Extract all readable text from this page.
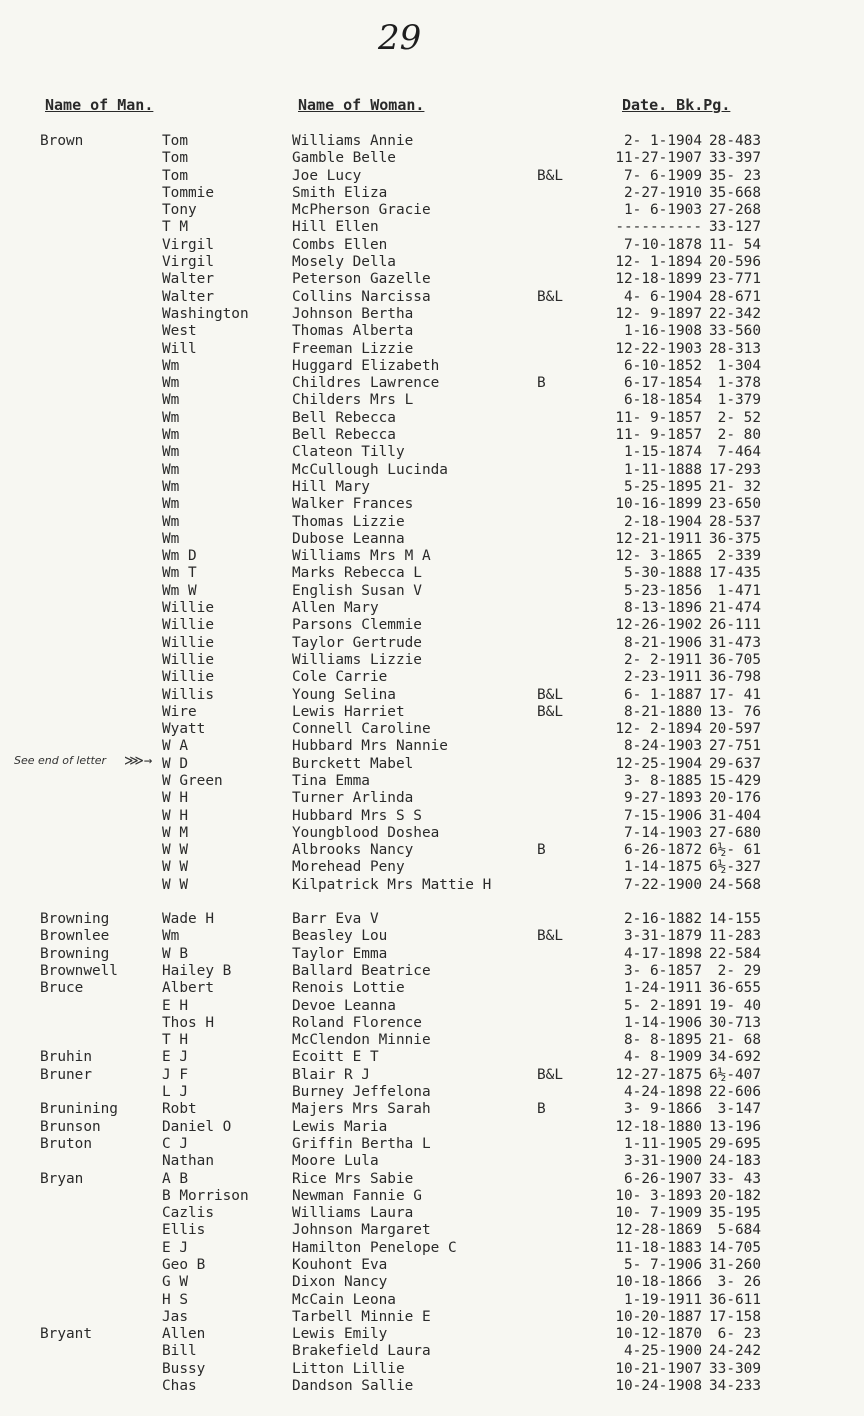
29
Name of Man.	Name of Woman.	Date. Bk.Pg.
See end of letter ⋙→
Brown	Tom	Williams Annie	2- 1-1904 28-483
Tom	Gamble Belle	11-27-1907 33-397
Tom	Joe Lucy	B&L	7- 6-1909 35- 23
Tommie	Smith Eliza	2-27-1910 35-668
Tony	McPherson Gracie	1- 6-1903 27-268
T M	Hill Ellen	---------- 33-127
Virgil	Combs Ellen	7-10-1878 11- 54
Virgil	Mosely Della	12- 1-1894 20-596
Walter	Peterson Gazelle	12-18-1899 23-771
Walter	Collins Narcissa	B&L	4- 6-1904 28-671
Washington	Johnson Bertha	12- 9-1897 22-342
West	Thomas Alberta	1-16-1908 33-560
Will	Freeman Lizzie	12-22-1903 28-313
Wm	Huggard Elizabeth	6-10-1852	1-304
Wm	Childres Lawrence	B	6-17-1854	1-378
Wm	Childers Mrs L	6-18-1854	1-379
Wm	Bell Rebecca	11- 9-1857	2- 52
Wm	Bell Rebecca	11- 9-1857	2- 80
Wm	Clateon Tilly	1-15-1874	7-464
Wm	McCullough Lucinda	1-11-1888 17-293
Wm	Hill Mary	5-25-1895 21- 32
Wm	Walker Frances	10-16-1899 23-650
Wm	Thomas Lizzie	2-18-1904 28-537
Wm	Dubose Leanna	12-21-1911 36-375
Wm D	Williams Mrs M A	12- 3-1865	2-339
Wm T	Marks Rebecca L	5-30-1888 17-435
Wm W	English Susan V	5-23-1856	1-471
Willie	Allen Mary	8-13-1896 21-474
Willie	Parsons Clemmie	12-26-1902 26-111
Willie	Taylor Gertrude	8-21-1906 31-473
Willie	Williams Lizzie	2- 2-1911 36-705
Willie	Cole Carrie	2-23-1911 36-798
Willis	Young Selina	B&L	6- 1-1887 17- 41
Wire	Lewis Harriet	B&L	8-21-1880 13- 76
Wyatt	Connell Caroline	12- 2-1894 20-597
W A	Hubbard Mrs Nannie	8-24-1903 27-751
W D	Burckett Mabel	12-25-1904 29-637
W Green	Tina Emma	3- 8-1885 15-429
W H	Turner Arlinda	9-27-1893 20-176
W H	Hubbard Mrs S S	7-15-1906 31-404
W M	Youngblood Doshea	7-14-1903 27-680
W W	Albrooks Nancy	B	6-26-1872 6½- 61
W W	Morehead Peny	1-14-1875 6½-327
W W	Kilpatrick Mrs Mattie H	7-22-1900 24-568
Browning	Wade H	Barr Eva V	2-16-1882 14-155
Brownlee	Wm	Beasley Lou	B&L	3-31-1879 11-283
Browning	W B	Taylor Emma	4-17-1898 22-584
Brownwell	Hailey B	Ballard Beatrice	3- 6-1857	2- 29
Bruce	Albert	Renois Lottie	1-24-1911 36-655
E H	Devoe Leanna	5- 2-1891 19- 40
Thos H	Roland Florence	1-14-1906 30-713
T H	McClendon Minnie	8- 8-1895 21- 68
Bruhin	E J	Ecoitt E T	4- 8-1909 34-692
Bruner	J F	Blair R J	B&L	12-27-1875 6½-407
L J	Burney Jeffelona	4-24-1898 22-606
Brunining	Robt	Majers Mrs Sarah	B	3- 9-1866	3-147
Brunson	Daniel O	Lewis Maria	12-18-1880 13-196
Bruton	C J	Griffin Bertha L	1-11-1905 29-695
Nathan	Moore Lula	3-31-1900 24-183
Bryan	A B	Rice Mrs Sabie	6-26-1907 33- 43
B Morrison	Newman Fannie G	10- 3-1893 20-182
Cazlis	Williams Laura	10- 7-1909 35-195
Ellis	Johnson Margaret	12-28-1869	5-684
E J	Hamilton Penelope C	11-18-1883 14-705
Geo B	Kouhont Eva	5- 7-1906 31-260
G W	Dixon Nancy	10-18-1866	3- 26
H S	McCain Leona	1-19-1911 36-611
Jas	Tarbell Minnie E	10-20-1887 17-158
Bryant	Allen	Lewis Emily	10-12-1870	6- 23
Bill	Brakefield Laura	4-25-1900 24-242
Bussy	Litton Lillie	10-21-1907 33-309
Chas	Dandson Sallie	10-24-1908 34-233
